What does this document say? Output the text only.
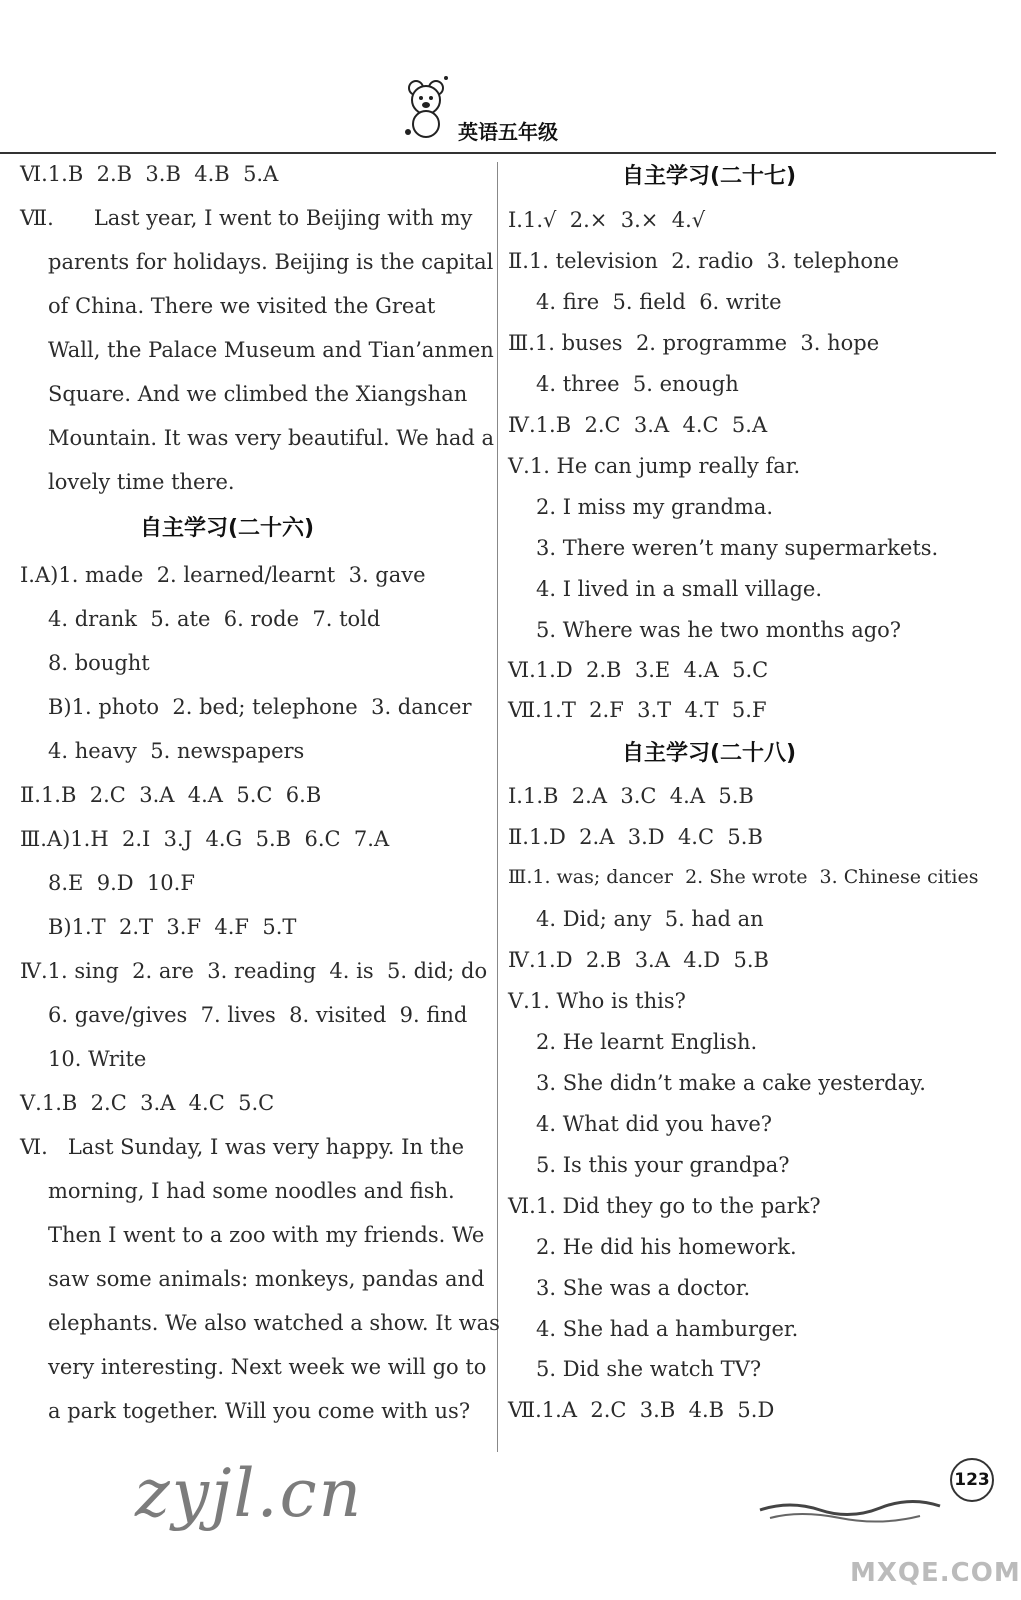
英语五年级
Ⅵ.1.B  2.B  3.B  4.B  5.A
Ⅶ.      Last year, I went to Beijing with my
parents for holidays. Beijing is the capital
of China. There we visited the Great
Wall, the Palace Museum and Tian’anmen
Square. And we climbed the Xiangshan
Mountain. It was very beautiful. We had a
lovely time there.
自主学习(二十六)
Ⅰ.A)1. made  2. learned/learnt  3. gave
4. drank  5. ate  6. rode  7. told
8. bought
B)1. photo  2. bed; telephone  3. dancer
4. heavy  5. newspapers
Ⅱ.1.B  2.C  3.A  4.A  5.C  6.B
Ⅲ.A)1.H  2.I  3.J  4.G  5.B  6.C  7.A
8.E  9.D  10.F
B)1.T  2.T  3.F  4.F  5.T
Ⅳ.1. sing  2. are  3. reading  4. is  5. did; do
6. gave/gives  7. lives  8. visited  9. find
10. Write
Ⅴ.1.B  2.C  3.A  4.C  5.C
Ⅵ.   Last Sunday, I was very happy. In the
morning, I had some noodles and fish.
Then I went to a zoo with my friends. We
saw some animals: monkeys, pandas and
elephants. We also watched a show. It was
very interesting. Next week we will go to
a park together. Will you come with us?
自主学习(二十七)
Ⅰ.1.√  2.×  3.×  4.√
Ⅱ.1. television  2. radio  3. telephone
4. fire  5. field  6. write
Ⅲ.1. buses  2. programme  3. hope
4. three  5. enough
Ⅳ.1.B  2.C  3.A  4.C  5.A
Ⅴ.1. He can jump really far.
2. I miss my grandma.
3. There weren’t many supermarkets.
4. I lived in a small village.
5. Where was he two months ago?
Ⅵ.1.D  2.B  3.E  4.A  5.C
Ⅶ.1.T  2.F  3.T  4.T  5.F
自主学习(二十八)
Ⅰ.1.B  2.A  3.C  4.A  5.B
Ⅱ.1.D  2.A  3.D  4.C  5.B
Ⅲ.1. was; dancer  2. She wrote  3. Chinese cities
4. Did; any  5. had an
Ⅳ.1.D  2.B  3.A  4.D  5.B
Ⅴ.1. Who is this?
2. He learnt English.
3. She didn’t make a cake yesterday.
4. What did you have?
5. Is this your grandpa?
Ⅵ.1. Did they go to the park?
2. He did his homework.
3. She was a doctor.
4. She had a hamburger.
5. Did she watch TV?
Ⅶ.1.A  2.C  3.B  4.B  5.D
zyjl.cn	123
MXQE.COM
